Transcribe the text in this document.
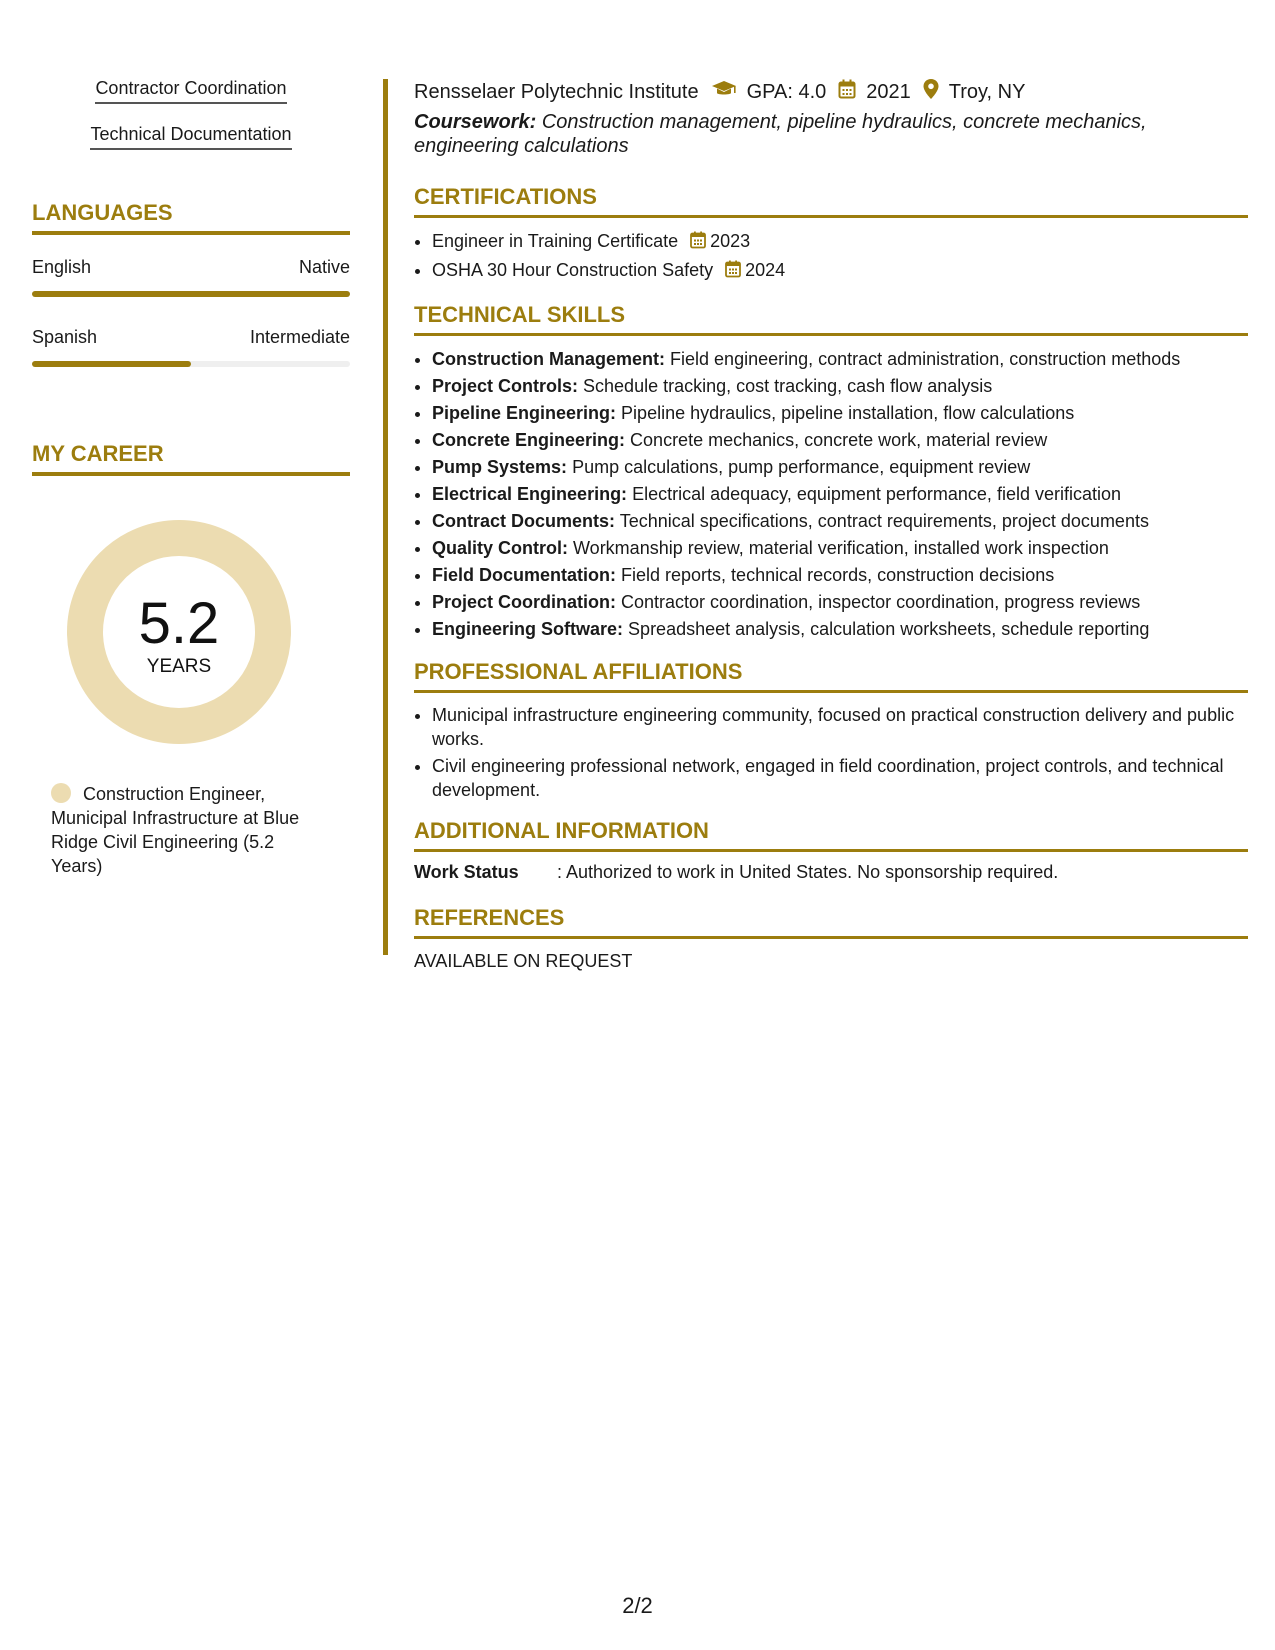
Contractor Coordination
Technical Documentation
LANGUAGES
English	Native
Spanish	Intermediate
MY CAREER
5.2
YEARS
Construction Engineer, Municipal Infrastructure at Blue Ridge Civil Engineering (5.2 Years)
Rensselaer Polytechnic Institute GPA: 4.0 2021 Troy, NY
Coursework: Construction management, pipeline hydraulics, concrete mechanics, engineering calculations
CERTIFICATIONS
• Engineer in Training Certificate 2023
• OSHA 30 Hour Construction Safety 2024
TECHNICAL SKILLS
• Construction Management: Field engineering, contract administration, construction methods
• Project Controls: Schedule tracking, cost tracking, cash flow analysis
• Pipeline Engineering: Pipeline hydraulics, pipeline installation, flow calculations
• Concrete Engineering: Concrete mechanics, concrete work, material review
• Pump Systems: Pump calculations, pump performance, equipment review
• Electrical Engineering: Electrical adequacy, equipment performance, field verification
• Contract Documents: Technical specifications, contract requirements, project documents
• Quality Control: Workmanship review, material verification, installed work inspection
• Field Documentation: Field reports, technical records, construction decisions
• Project Coordination: Contractor coordination, inspector coordination, progress reviews
• Engineering Software: Spreadsheet analysis, calculation worksheets, schedule reporting
PROFESSIONAL AFFILIATIONS
• Municipal infrastructure engineering community, focused on practical construction delivery and public works.
• Civil engineering professional network, engaged in field coordination, project controls, and technical development.
ADDITIONAL INFORMATION
Work Status	: Authorized to work in United States. No sponsorship required.
REFERENCES
AVAILABLE ON REQUEST
2/2
